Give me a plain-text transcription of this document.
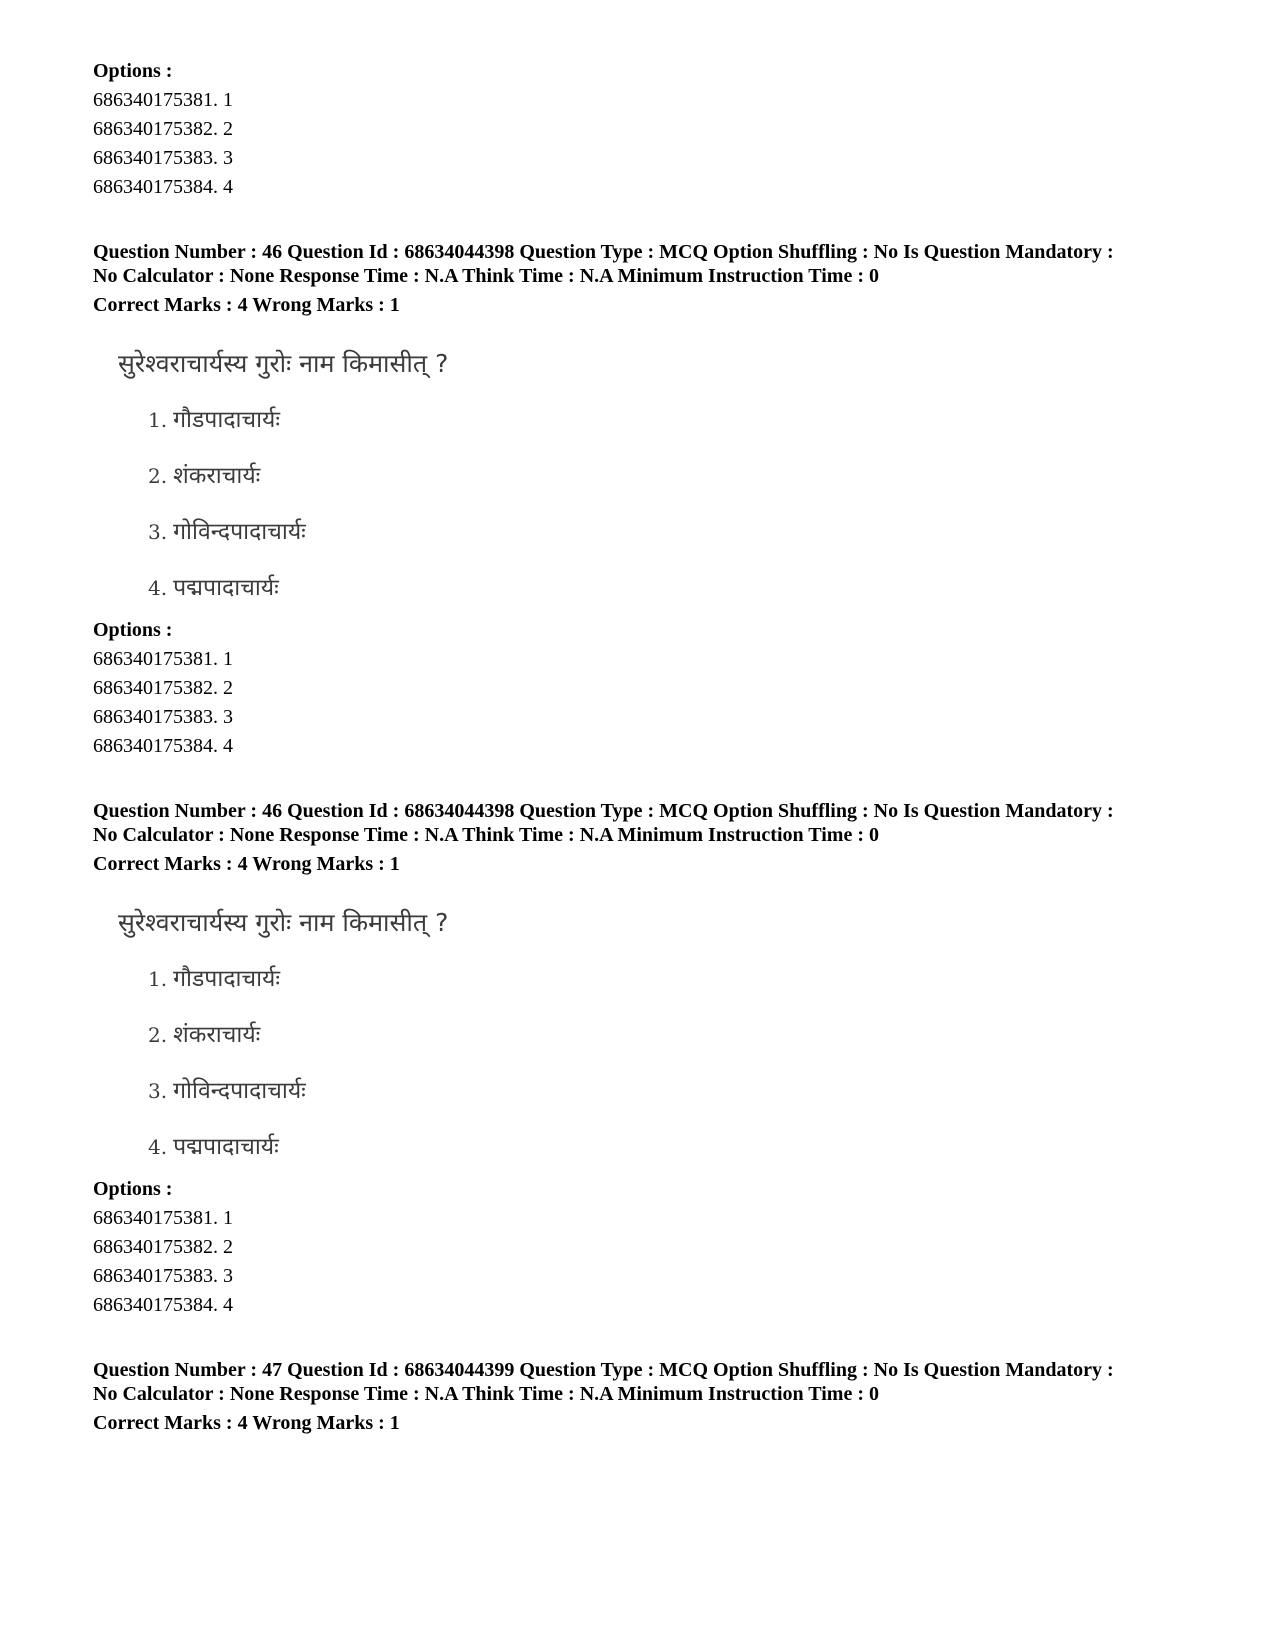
Options :

686340175381. 1

686340175382. 2

686340175383. 3

686340175384. 4

Question Number : 46 Question Id : 68634044398 Question Type : MCQ Option Shuffling : No Is Question Mandatory :

No Calculator : None Response Time : N.A Think Time : N.A Minimum Instruction Time : 0

Correct Marks : 4 Wrong Marks : 1

सुरेश्वराचार्यस्य गुरोः नाम किमासीत् ?
1. गौडपादाचार्यः
2. शंकराचार्यः
3. गोविन्दपादाचार्यः
4. पद्मपादाचार्यः

Options :

686340175381. 1

686340175382. 2

686340175383. 3

686340175384. 4

Question Number : 46 Question Id : 68634044398 Question Type : MCQ Option Shuffling : No Is Question Mandatory :

No Calculator : None Response Time : N.A Think Time : N.A Minimum Instruction Time : 0

Correct Marks : 4 Wrong Marks : 1

सुरेश्वराचार्यस्य गुरोः नाम किमासीत् ?
1. गौडपादाचार्यः
2. शंकराचार्यः
3. गोविन्दपादाचार्यः
4. पद्मपादाचार्यः

Options :

686340175381. 1

686340175382. 2

686340175383. 3

686340175384. 4

Question Number : 47 Question Id : 68634044399 Question Type : MCQ Option Shuffling : No Is Question Mandatory :

No Calculator : None Response Time : N.A Think Time : N.A Minimum Instruction Time : 0

Correct Marks : 4 Wrong Marks : 1
